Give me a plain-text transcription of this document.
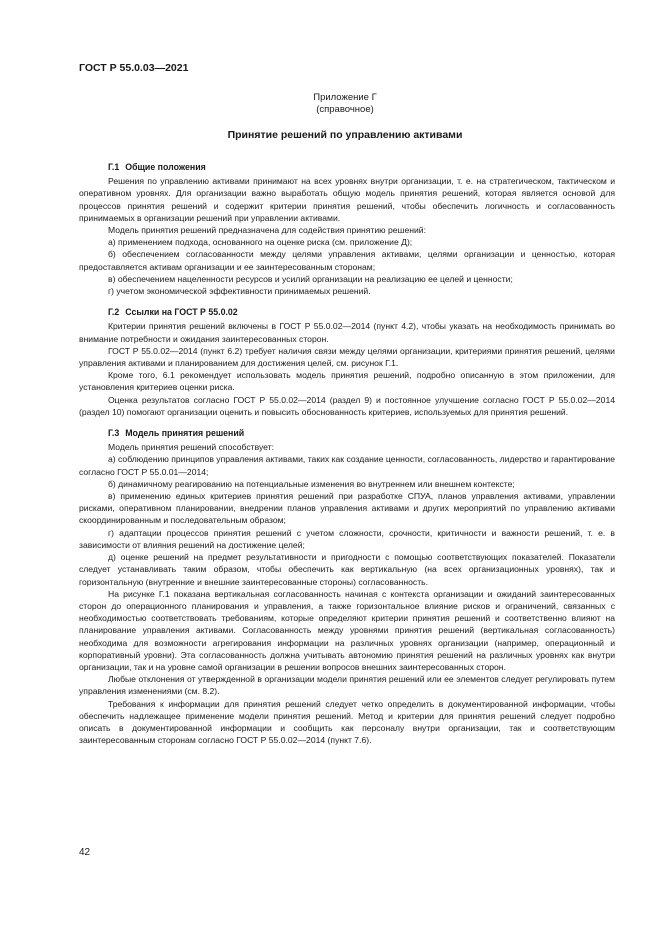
ГОСТ Р 55.0.03—2021
Приложение Г
(справочное)
Принятие решений по управлению активами
Г.1 Общие положения

Решения по управлению активами принимают на всех уровнях внутри организации, т. е. на стратегическом, тактическом и оперативном уровнях. Для организации важно выработать общую модель принятия решений, которая является основой для процессов принятия решений и содержит критерии принятия решений, чтобы обеспечить логичность и согласованность принимаемых в организации решений при управлении активами.

Модель принятия решений предназначена для содействия принятию решений:

а) применением подхода, основанного на оценке риска (см. приложение Д);

б) обеспечением согласованности между целями управления активами, целями организации и ценностью, которая предоставляется активам организации и ее заинтересованным сторонам;

в) обеспечением нацеленности ресурсов и усилий организации на реализацию ее целей и ценности;

г) учетом экономической эффективности принимаемых решений.

Г.2 Ссылки на ГОСТ Р 55.0.02

Критерии принятия решений включены в ГОСТ Р 55.0.02—2014 (пункт 4.2), чтобы указать на необходимость принимать во внимание потребности и ожидания заинтересованных сторон.

ГОСТ Р 55.0.02—2014 (пункт 6.2) требует наличия связи между целями организации, критериями принятия решений, целями управления активами и планированием для достижения целей, см. рисунок Г.1.

Кроме того, 6.1 рекомендует использовать модель принятия решений, подробно описанную в этом приложении, для установления критериев оценки риска.

Оценка результатов согласно ГОСТ Р 55.0.02—2014 (раздел 9) и постоянное улучшение согласно ГОСТ Р 55.0.02—2014 (раздел 10) помогают организации оценить и повысить обоснованность критериев, используемых для принятия решений.

Г.3 Модель принятия решений

Модель принятия решений способствует:

а) соблюдению принципов управления активами, таких как создание ценности, согласованность, лидерство и гарантирование согласно ГОСТ Р 55.0.01—2014;

б) динамичному реагированию на потенциальные изменения во внутреннем или внешнем контексте;

в) применению единых критериев принятия решений при разработке СПУА, планов управления активами, управлении рисками, оперативном планировании, внедрении планов управления активами и других мероприятий по управлению активами скоординированным и последовательным образом;

г) адаптации процессов принятия решений с учетом сложности, срочности, критичности и важности решений, т. е. в зависимости от влияния решений на достижение целей;

д) оценке решений на предмет результативности и пригодности с помощью соответствующих показателей. Показатели следует устанавливать таким образом, чтобы обеспечить как вертикальную (на всех организационных уровнях), так и горизонтальную (внутренние и внешние заинтересованные стороны) согласованность.

На рисунке Г.1 показана вертикальная согласованность начиная с контекста организации и ожиданий заинтересованных сторон до операционного планирования и управления, а также горизонтальное влияние рисков и ограничений, связанных с необходимостью соответствовать требованиям, которые определяют критерии принятия решений и соответственно влияют на планирование управления активами. Согласованность между уровнями принятия решений (вертикальная согласованность) необходима для возможности агрегирования информации на различных уровнях организации (например, операционный и корпоративный уровни). Эта согласованность должна учитывать автономию принятия решений на различных уровнях как внутри организации, так и на уровне самой организации в решении вопросов внешних заинтересованных сторон.

Любые отклонения от утвержденной в организации модели принятия решений или ее элементов следует регулировать путем управления изменениями (см. 8.2).

Требования к информации для принятия решений следует четко определить в документированной информации, чтобы обеспечить надлежащее применение модели принятия решений. Метод и критерии для принятия решений следует подробно описать в документированной информации и сообщить как персоналу внутри организации, так и соответствующим заинтересованным сторонам согласно ГОСТ Р 55.0.02—2014 (пункт 7.6).

42
